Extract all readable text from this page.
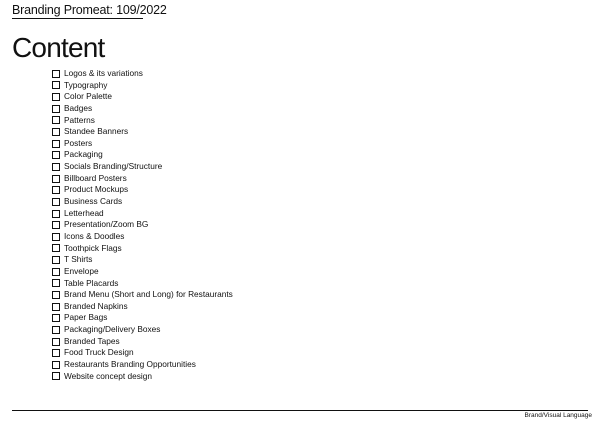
Branding Promeat: 109/2022
Content
Logos & its variations
Typography
Color Palette
Badges
Patterns
Standee Banners
Posters
Packaging
Socials Branding/Structure
Billboard Posters
Product Mockups
Business Cards
Letterhead
Presentation/Zoom BG
Icons & Doodles
Toothpick Flags
T Shirts
Envelope
Table Placards
Brand Menu (Short and Long) for Restaurants
Branded Napkins
Paper Bags
Packaging/Delivery Boxes
Branded Tapes
Food Truck Design
Restaurants Branding Opportunities
Website concept design
Brand/Visual Language
